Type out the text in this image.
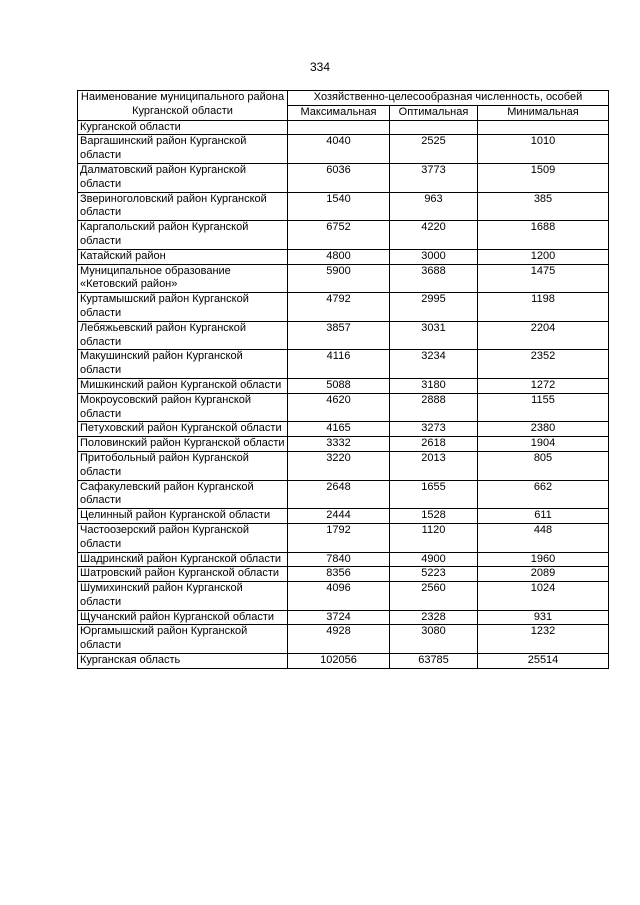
334
Наименование муниципального района Курганской области	Хозяйственно-целесообразная численность, особей		
	Максимальная	Оптимальная	Минимальная
Курганской области			
Варгашинский район Курганской области	4040	2525	1010
Далматовский район Курганской области	6036	3773	1509
Звериноголовский район Курганской области	1540	963	385
Каргапольский район Курганской области	6752	4220	1688
Катайский район	4800	3000	1200
Муниципальное образование «Кетовский район»	5900	3688	1475
Куртамышский район Курганской области	4792	2995	1198
Лебяжьевский район Курганской области	3857	3031	2204
Макушинский район Курганской области	4116	3234	2352
Мишкинский район Курганской области	5088	3180	1272
Мокроусовский район Курганской области	4620	2888	1155
Петуховский район Курганской области	4165	3273	2380
Половинский район Курганской области	3332	2618	1904
Притобольный район Курганской области	3220	2013	805
Сафакулевский район Курганской области	2648	1655	662
Целинный район Курганской области	2444	1528	611
Частоозерский район Курганской области	1792	1120	448
Шадринский район Курганской области	7840	4900	1960
Шатровский район Курганской области	8356	5223	2089
Шумихинский район Курганской области	4096	2560	1024
Щучанский район Курганской области	3724	2328	931
Юргамышский район Курганской области	4928	3080	1232
Курганская область	102056	63785	25514
